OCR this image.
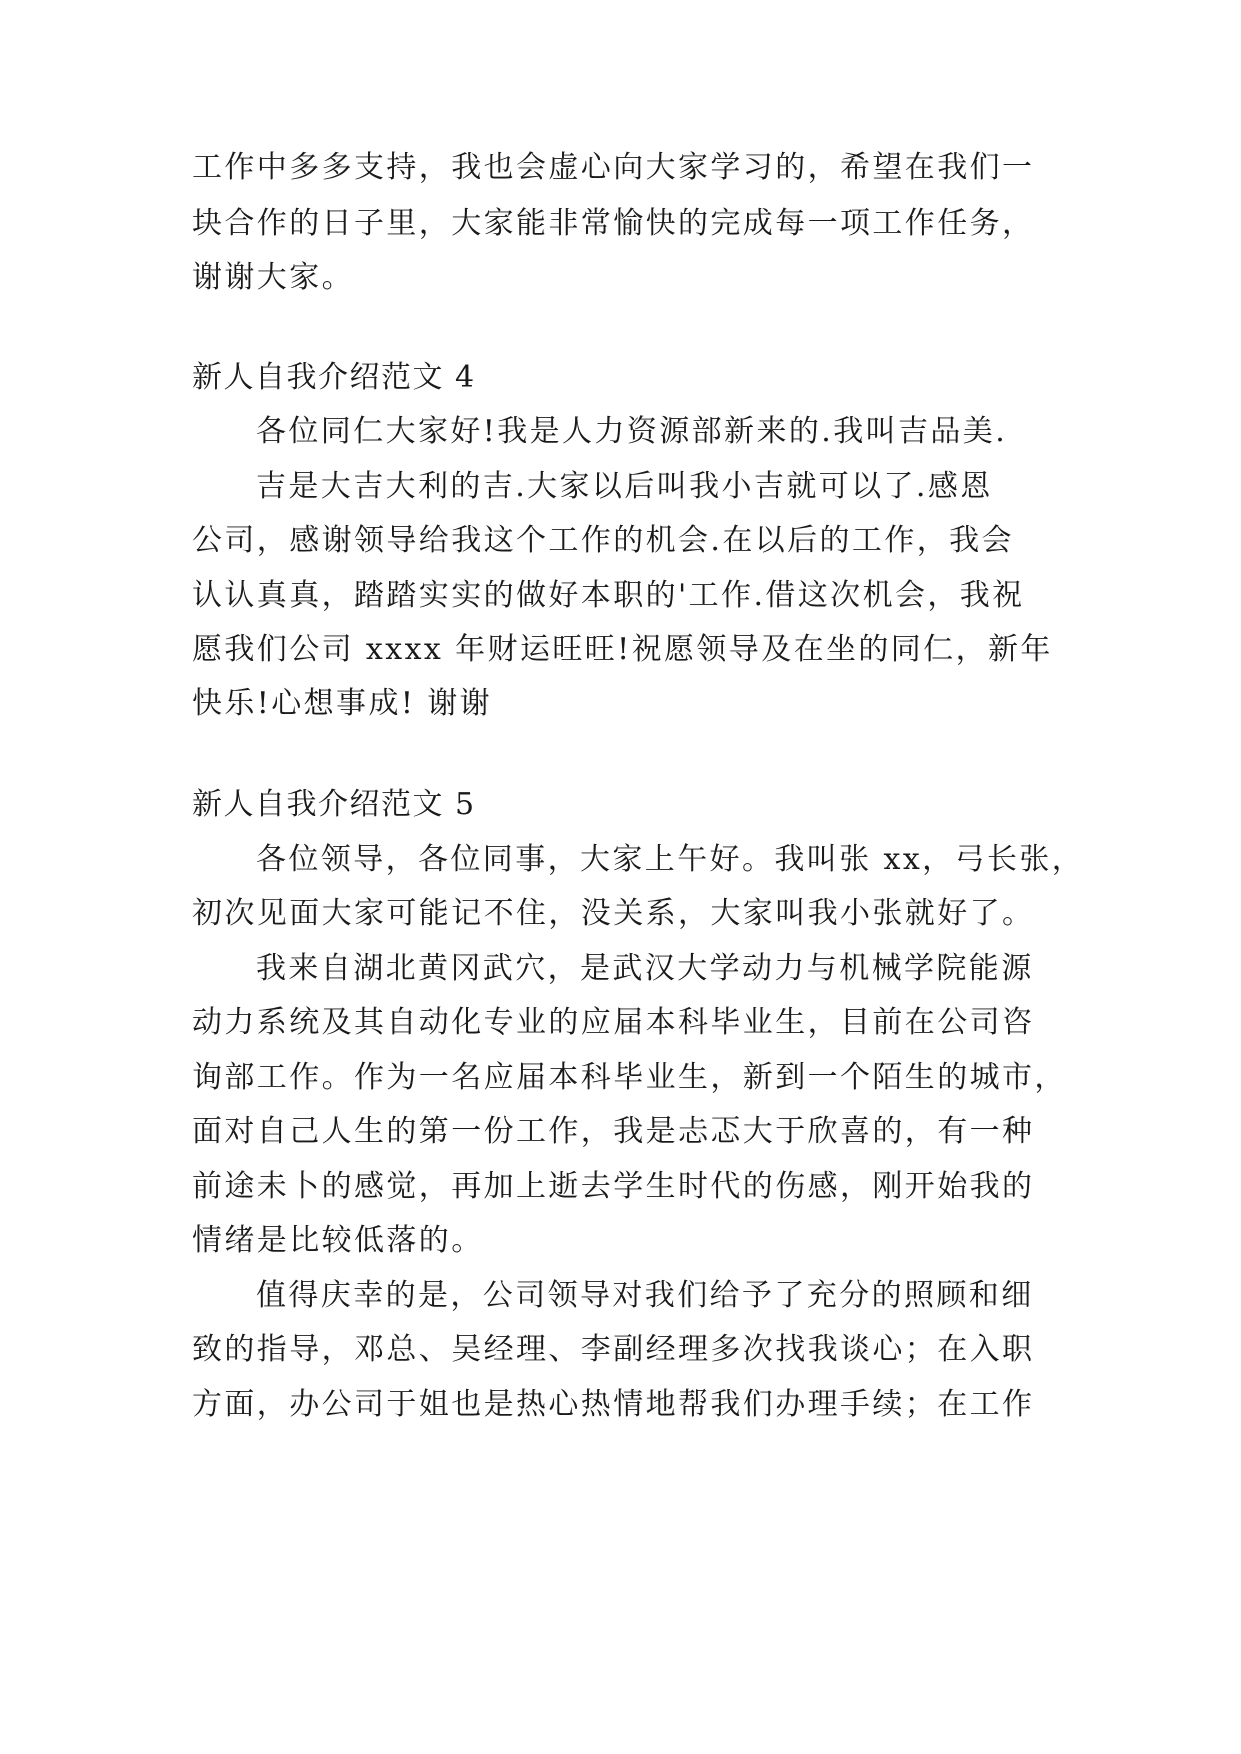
工作中多多支持，我也会虚心向大家学习的，希望在我们一
块合作的日子里，大家能非常愉快的完成每一项工作任务，
谢谢大家。
新人自我介绍范文 4
各位同仁大家好!我是人力资源部新来的.我叫吉品美.
吉是大吉大利的吉.大家以后叫我小吉就可以了.感恩
公司，感谢领导给我这个工作的机会.在以后的工作，我会
认认真真，踏踏实实的做好本职的'工作.借这次机会，我祝
愿我们公司 xxxx 年财运旺旺!祝愿领导及在坐的同仁，新年
快乐!心想事成! 谢谢
新人自我介绍范文 5
各位领导，各位同事，大家上午好。我叫张 xx，弓长张，
初次见面大家可能记不住，没关系，大家叫我小张就好了。
我来自湖北黄冈武穴，是武汉大学动力与机械学院能源
动力系统及其自动化专业的应届本科毕业生，目前在公司咨
询部工作。作为一名应届本科毕业生，新到一个陌生的城市，
面对自己人生的第一份工作，我是忐忑大于欣喜的，有一种
前途未卜的感觉，再加上逝去学生时代的伤感，刚开始我的
情绪是比较低落的。
值得庆幸的是，公司领导对我们给予了充分的照顾和细
致的指导，邓总、吴经理、李副经理多次找我谈心；在入职
方面，办公司于姐也是热心热情地帮我们办理手续；在工作
